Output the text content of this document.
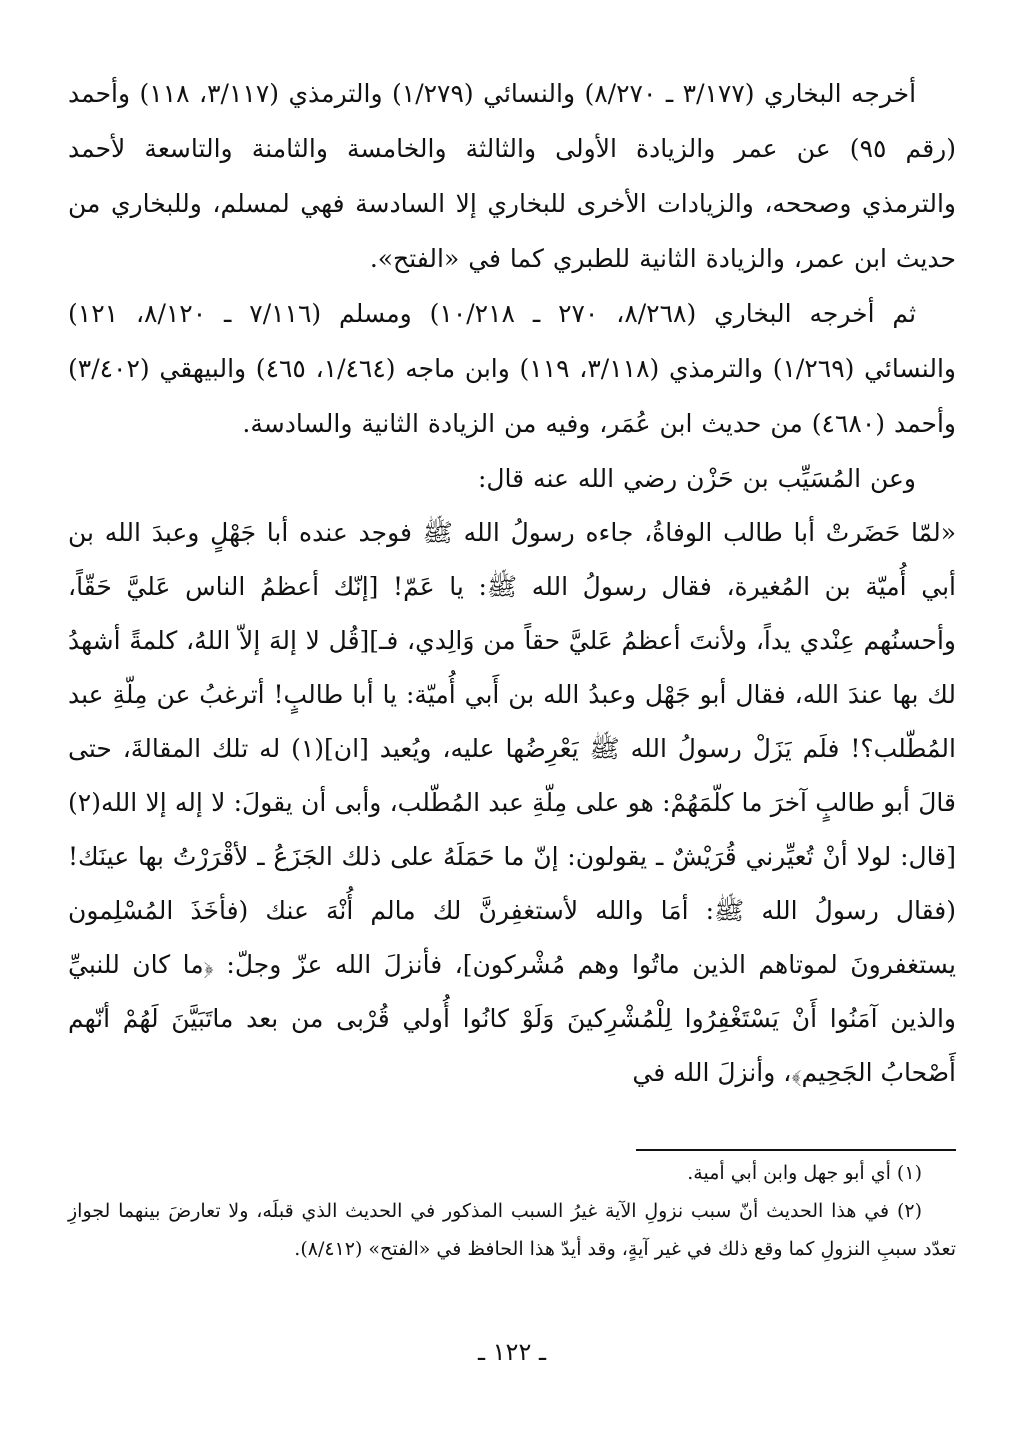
أخرجه البخاري (٣/١٧٧ ـ ٨/٢٧٠) والنسائي (١/٢٧٩) والترمذي (٣/١١٧، ١١٨) وأحمد (رقم ٩٥) عن عمر والزيادة الأولى والثالثة والخامسة والثامنة والتاسعة لأحمد والترمذي وصححه، والزيادات الأخرى للبخاري إلا السادسة فهي لمسلم، وللبخاري من حديث ابن عمر، والزيادة الثانية للطبري كما في «الفتح».

ثم أخرجه البخاري (٨/٢٦٨، ٢٧٠ ـ ١٠/٢١٨) ومسلم (٧/١١٦ ـ ٨/١٢٠، ١٢١) والنسائي (١/٢٦٩) والترمذي (٣/١١٨، ١١٩) وابن ماجه (١/٤٦٤، ٤٦٥) والبيهقي (٣/٤٠٢) وأحمد (٤٦٨٠) من حديث ابن عُمَر، وفيه من الزيادة الثانية والسادسة.

وعن المُسَيِّب بن حَزْن رضي الله عنه قال:

«لمّا حَضَرتْ أبا طالب الوفاةُ، جاءه رسولُ الله ﷺ فوجد عنده أبا جَهْلٍ وعبدَ الله بن أبي أُميّة بن المُغيرة، فقال رسولُ الله ﷺ: يا عَمّ! [إنّك أعظمُ الناس عَليَّ حَقّاً، وأحسنُهم عِنْدي يداً، ولأنتَ أعظمُ عَليَّ حقاً من وَالِدي، فـ][قُل لا إلهَ إلاّ اللهُ، كلمةً أشهدُ لك بها عندَ الله، فقال أبو جَهْل وعبدُ الله بن أَبي أُميّة: يا أبا طالبٍ! أترغبُ عن مِلّةِ عبد المُطّلب؟! فلَم يَزَلْ رسولُ الله ﷺ يَعْرِضُها عليه، ويُعيد [ان](١) له تلك المقالةَ، حتى قالَ أبو طالبٍ آخرَ ما كلّمَهُمْ: هو على مِلّةِ عبد المُطّلب، وأبى أن يقولَ: لا إله إلا الله(٢) [قال: لولا أنْ تُعيِّرني قُرَيْشٌ ـ يقولون: إنّ ما حَمَلَهُ على ذلك الجَزَعُ ـ لأقْرَرْتُ بها عينَك! (فقال رسولُ الله ﷺ: أمَا والله لأستغفِرنَّ لك مالم أُنْهَ عنك (فأخَذَ المُسْلِمون يستغفرونَ لموتاهم الذين ماتُوا وهم مُشْركون]، فأنزلَ الله عزّ وجلّ: ﴿ما كان للنبيِّ والذين آمَنُوا أَنْ يَسْتَغْفِرُوا لِلْمُشْرِكينَ وَلَوْ كانُوا أُولي قُرْبى من بعد ماتَبَيَّنَ لَهُمْ أنّهم أَصْحابُ الجَحِيم﴾، وأنزلَ الله في

(١) أي أبو جهل وابن أبي أمية.

(٢) في هذا الحديث أنّ سبب نزولِ الآية غيرُ السبب المذكور في الحديث الذي قبلَه، ولا تعارضَ بينهما لجوازِ تعدّد سببِ النزولِ كما وقع ذلك في غير آيةٍ، وقد أيدّ هذا الحافظ في «الفتح» (٨/٤١٢).

ـ ١٢٢ ـ
